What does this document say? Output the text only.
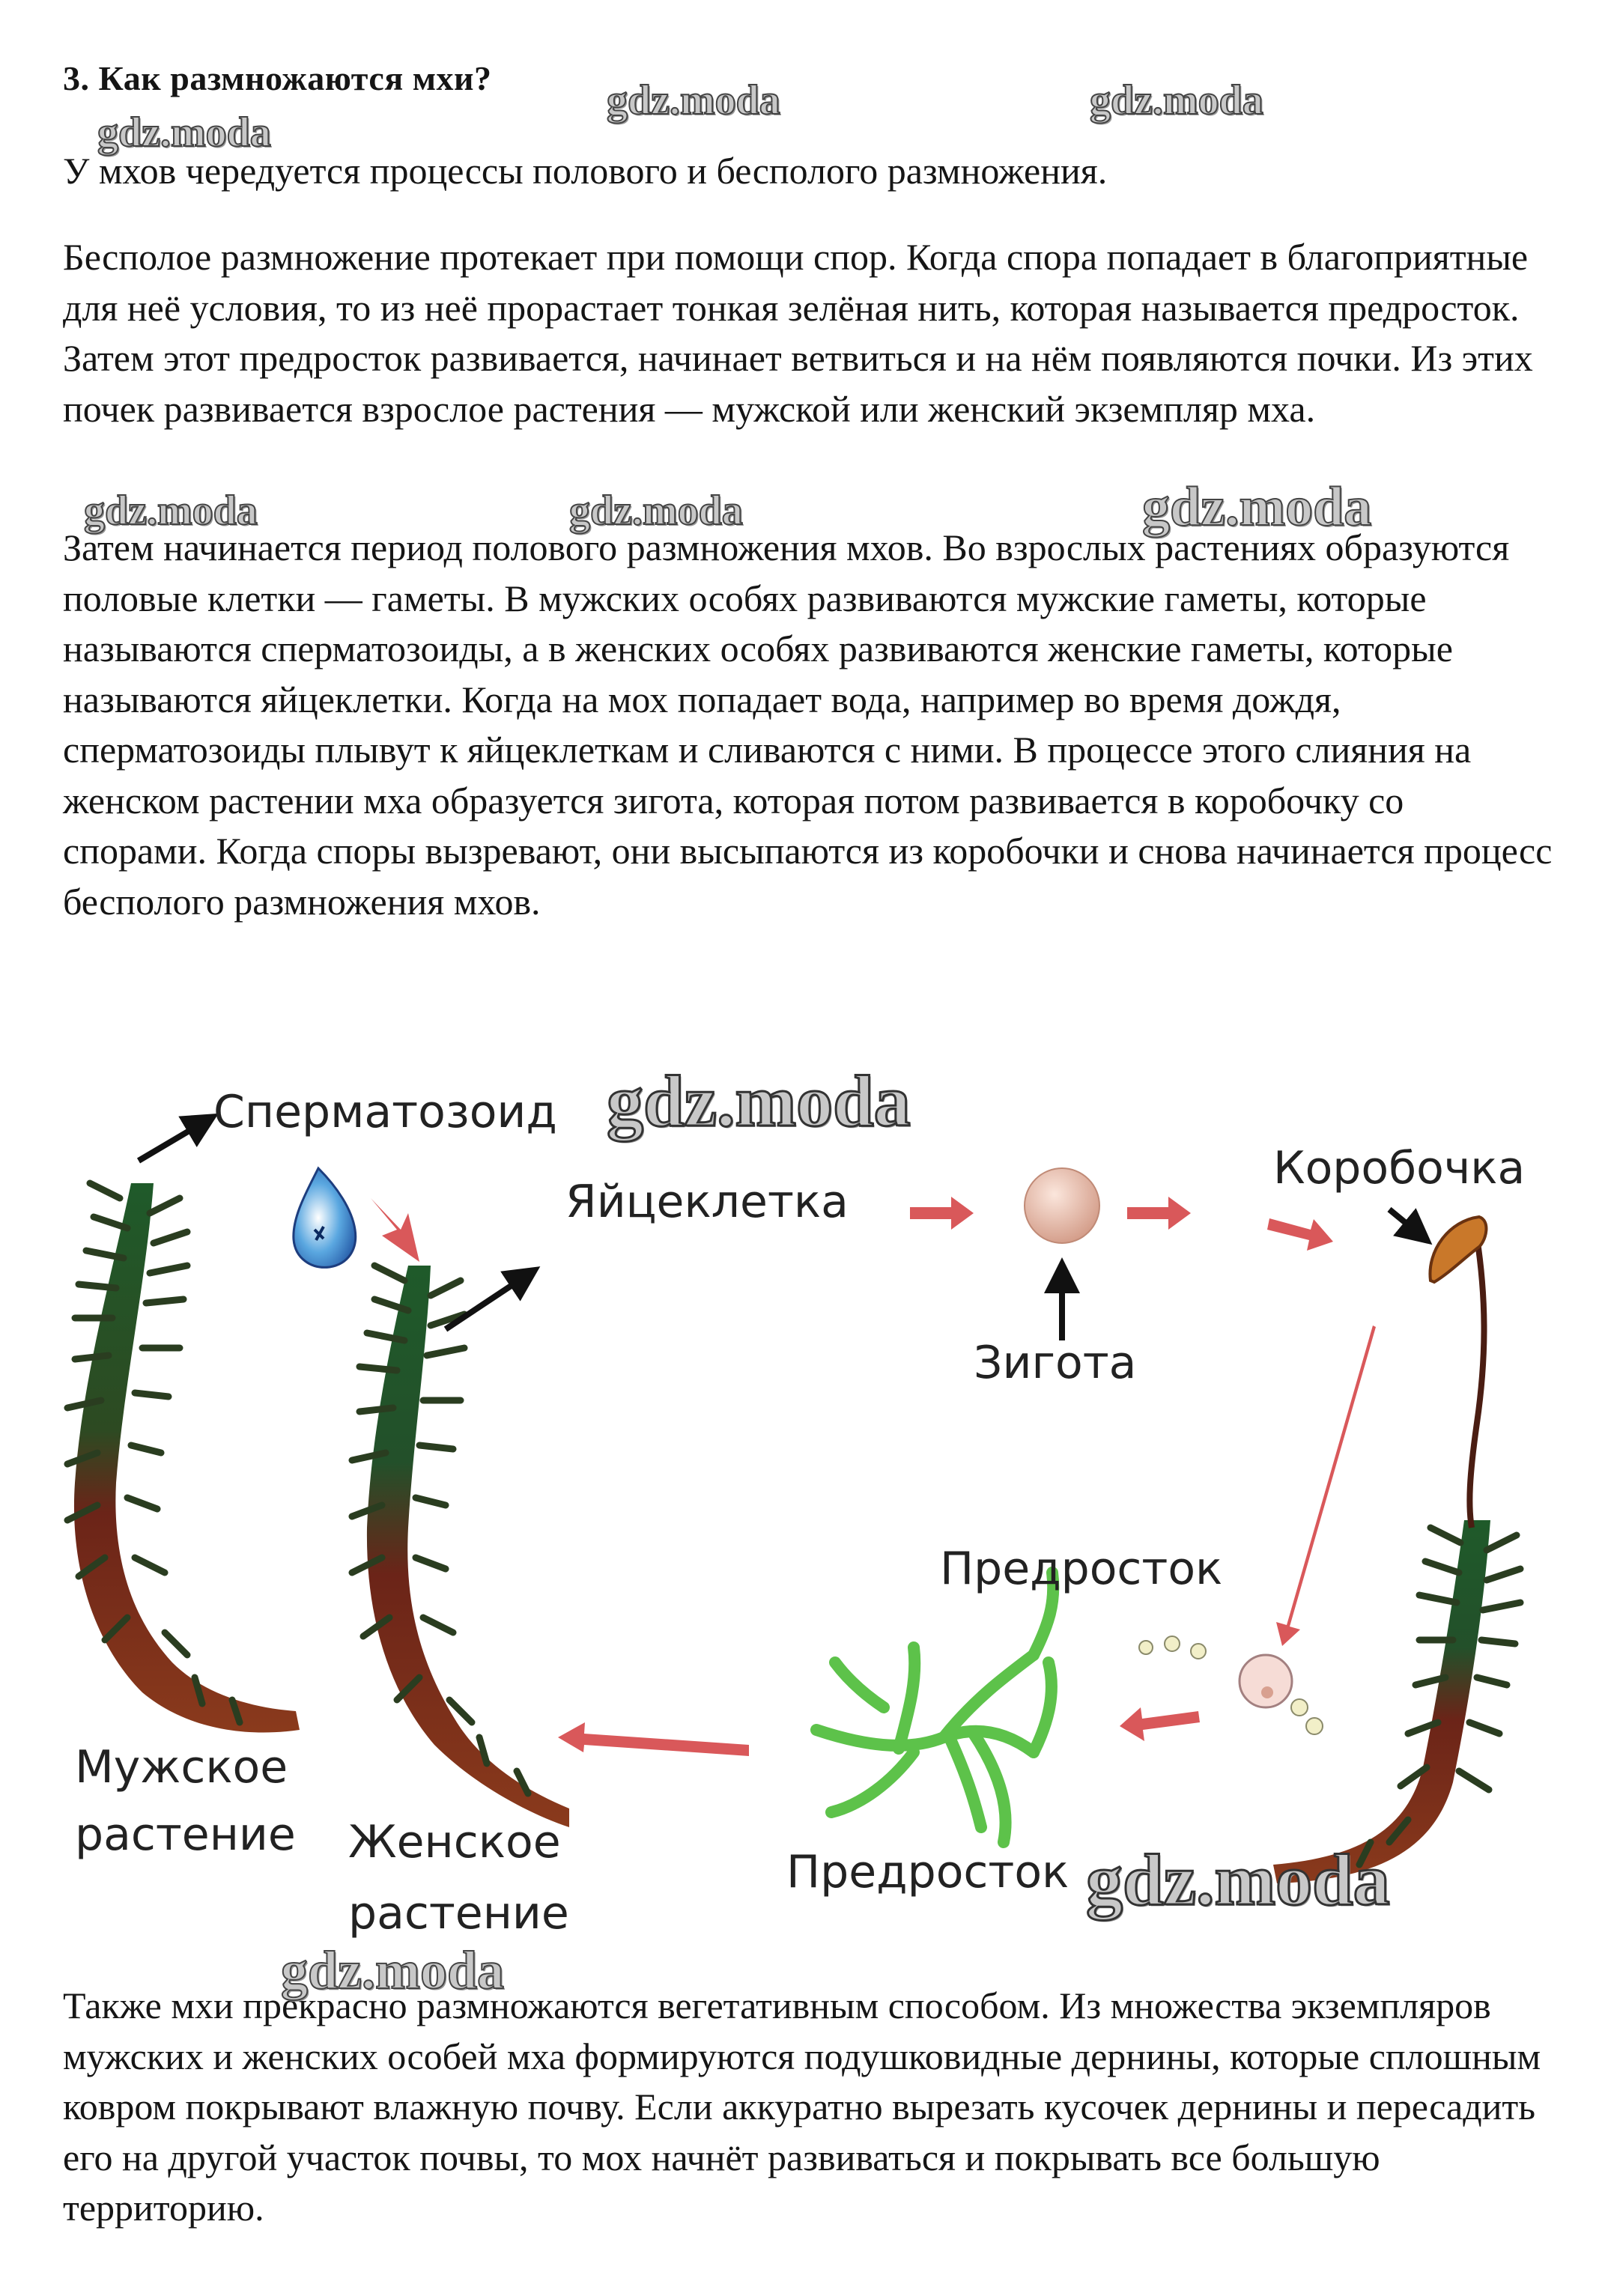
3. Как размножаются мхи?

У мхов чередуется процессы полового и бесполого размножения.

Бесполое размножение протекает при помощи спор. Когда спора попадает в благоприятные для неё условия, то из неё прорастает тонкая зелёная нить, которая называется предросток. Затем этот предросток развивается, начинает ветвиться и на нём появляются почки. Из этих почек развивается взрослое растения — мужской или женский экземпляр мха.

Затем начинается период полового размножения мхов. Во взрослых растениях образуются половые клетки — гаметы. В мужских особях развиваются мужские гаметы, которые называются сперматозоиды, а в женских особях развиваются женские гаметы, которые называются яйцеклетки. Когда на мох попадает вода, например во время дождя, сперматозоиды плывут к яйцеклеткам и сливаются с ними. В процессе этого слияния на женском растении мха образуется зигота, которая потом развивается в коробочку со спорами. Когда споры вызревают, они высыпаются из коробочки и снова начинается процесс бесполого размножения мхов.

Сперматозоид
Яйцеклетка
Зигота
Коробочка
Предросток
Предросток
Мужское
растение Женское
растение

Также мхи прекрасно размножаются вегетативным способом. Из множества экземпляров мужских и женских особей мха формируются подушковидные дернины, которые сплошным ковром покрывают влажную почву. Если аккуратно вырезать кусочек дернины и пересадить его на другой участок почвы, то мох начнёт развиваться и покрывать все большую территорию.

gdz.moda	gdz.moda
gdz.moda
gdz.moda	gdz.moda	gdz.moda
gdz.moda
gdz.moda
gdz.moda
